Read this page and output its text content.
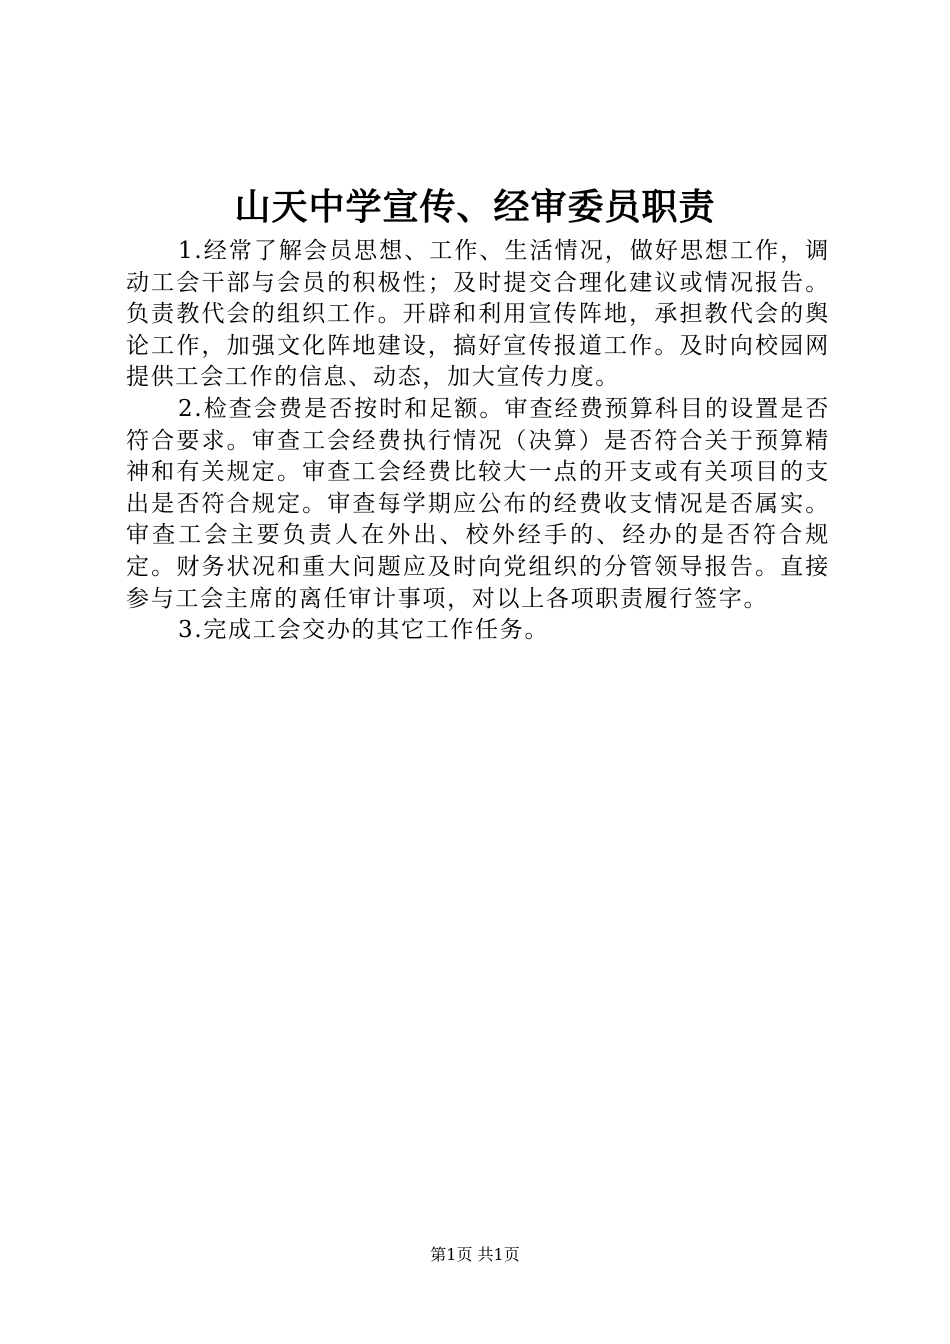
山天中学宣传、经审委员职责

1.经常了解会员思想、工作、生活情况，做好思想工作，调动工会干部与会员的积极性；及时提交合理化建议或情况报告。负责教代会的组织工作。开辟和利用宣传阵地，承担教代会的舆论工作，加强文化阵地建设，搞好宣传报道工作。及时向校园网提供工会工作的信息、动态，加大宣传力度。

2.检查会费是否按时和足额。审查经费预算科目的设置是否符合要求。审查工会经费执行情况（决算）是否符合关于预算精神和有关规定。审查工会经费比较大一点的开支或有关项目的支出是否符合规定。审查每学期应公布的经费收支情况是否属实。审查工会主要负责人在外出、校外经手的、经办的是否符合规定。财务状况和重大问题应及时向党组织的分管领导报告。直接参与工会主席的离任审计事项，对以上各项职责履行签字。

3.完成工会交办的其它工作任务。

第1页 共1页
